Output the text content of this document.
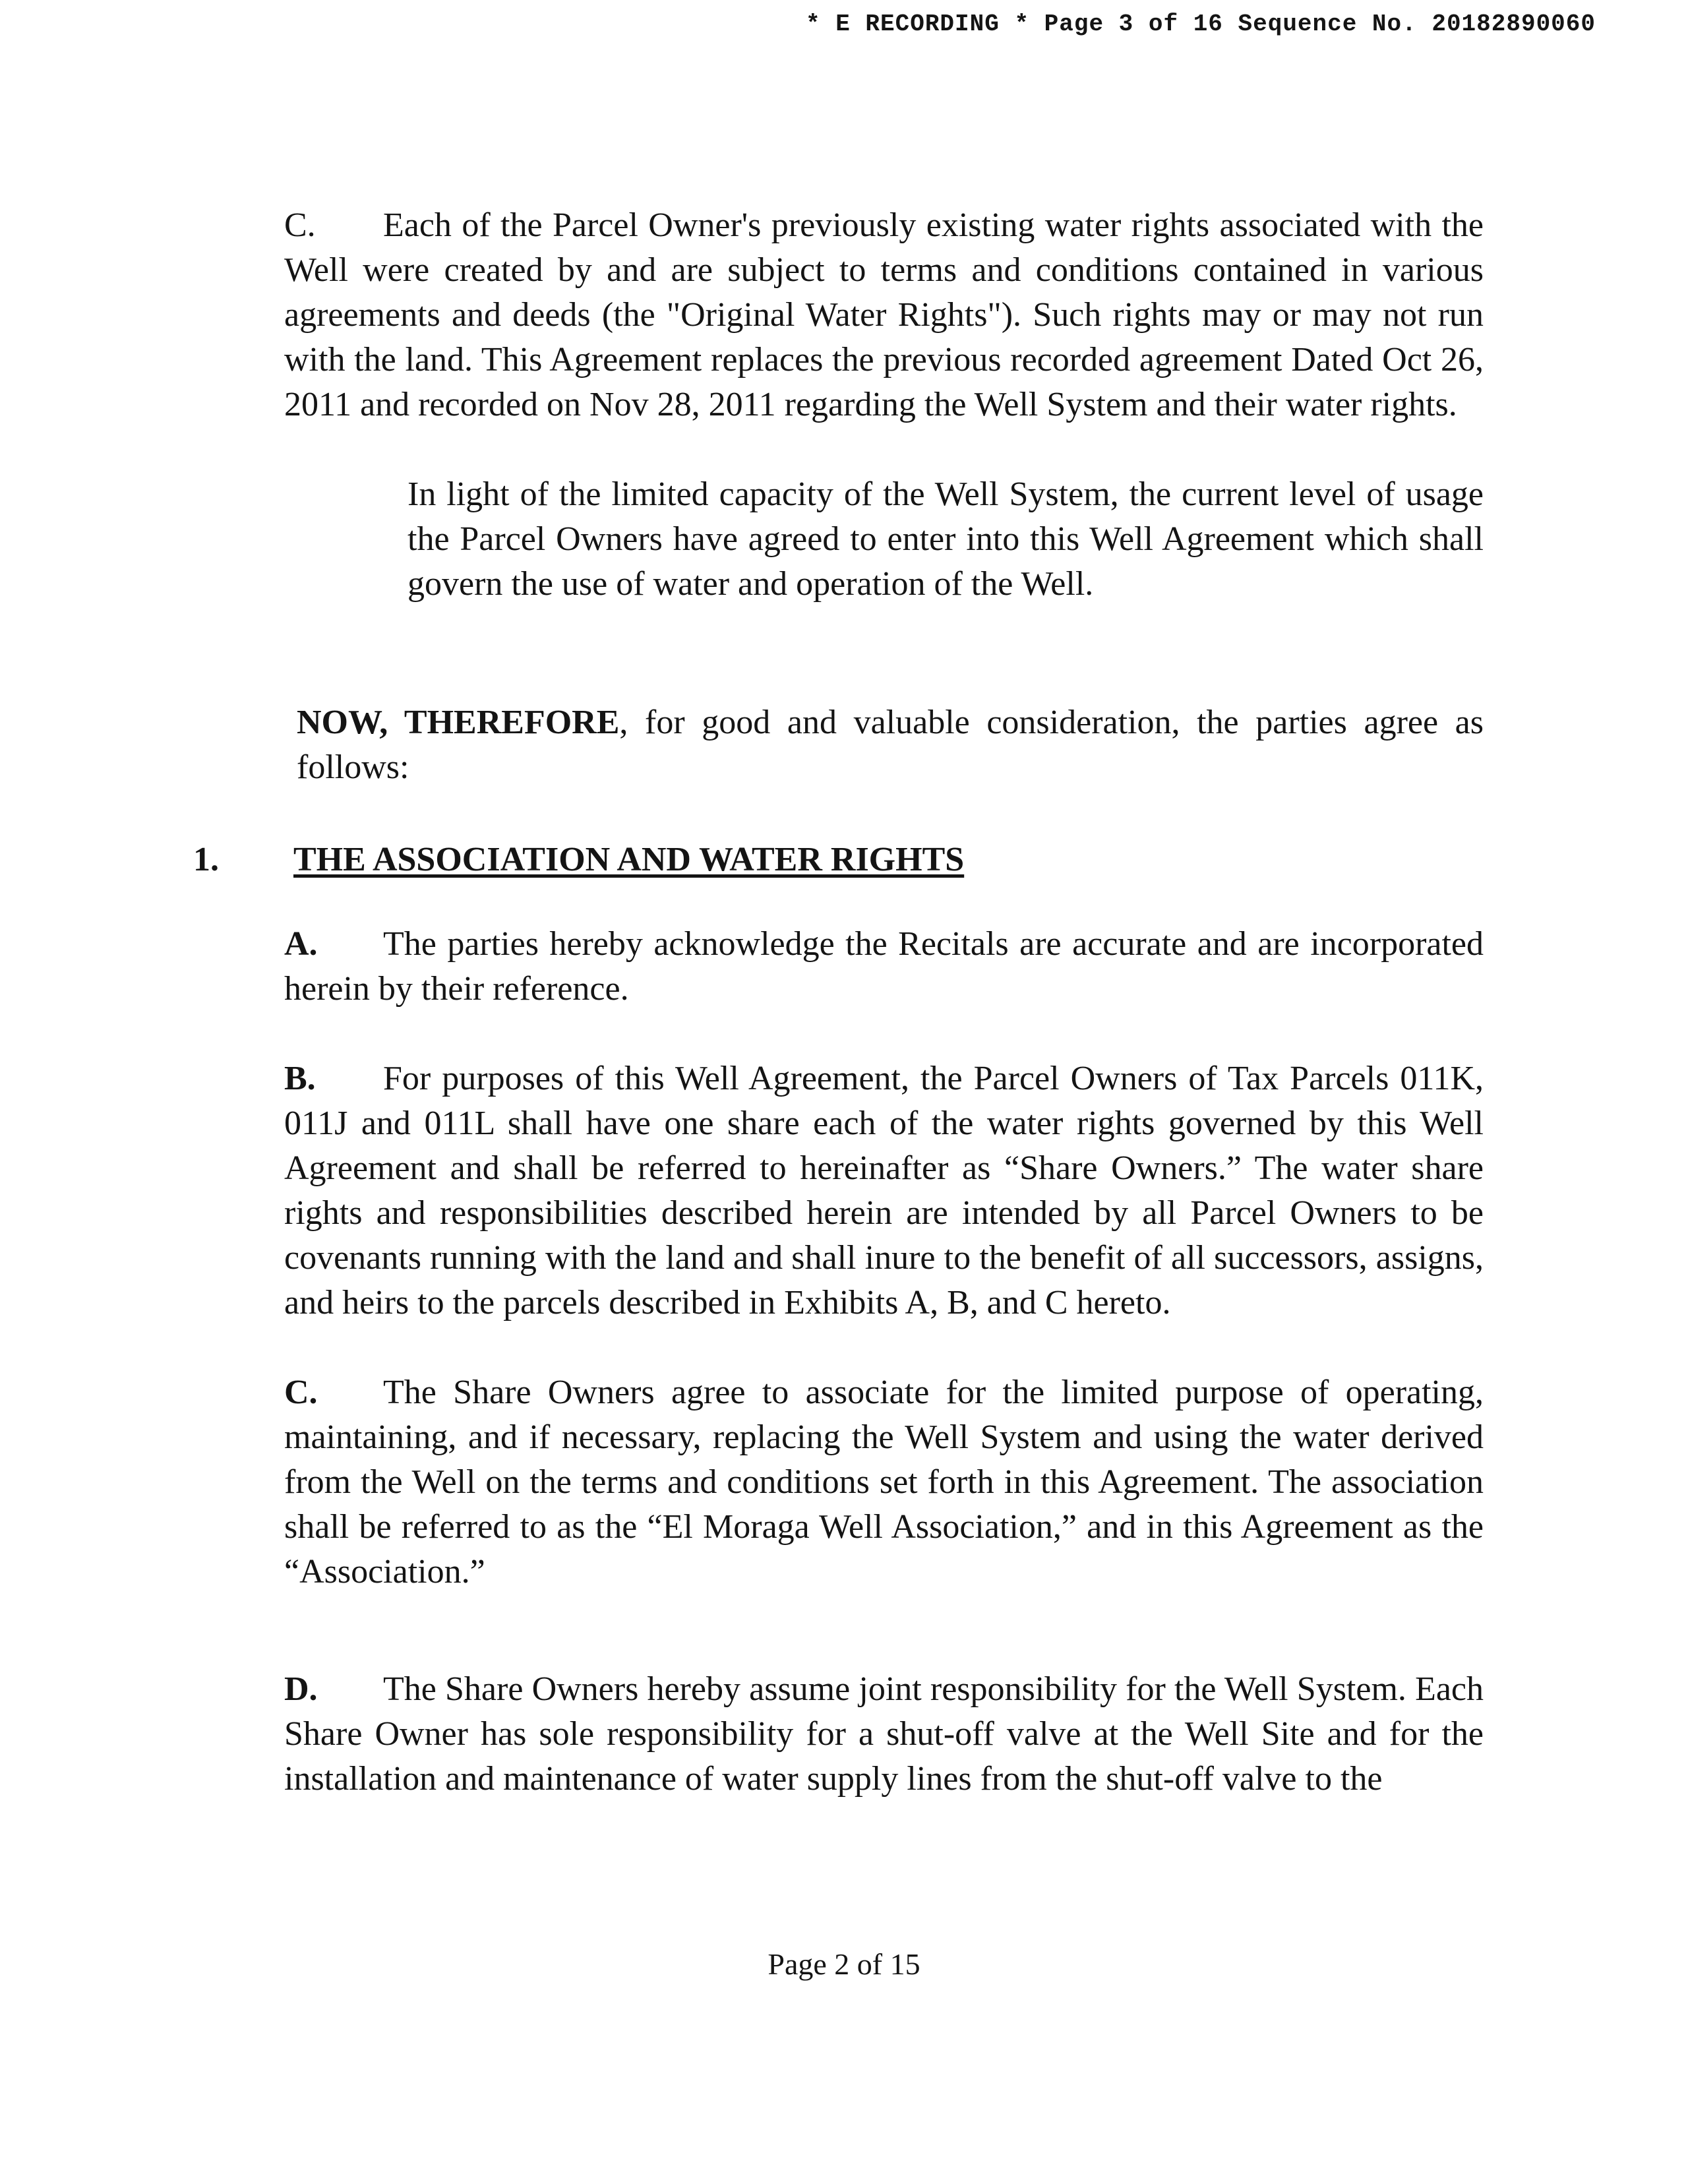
* E RECORDING * Page 3 of 16 Sequence No. 20182890060

C. Each of the Parcel Owner's previously existing water rights associated with the Well were created by and are subject to terms and conditions contained in various agreements and deeds (the "Original Water Rights"). Such rights may or may not run with the land. This Agreement replaces the previous recorded agreement Dated Oct 26, 2011 and recorded on Nov 28, 2011 regarding the Well System and their water rights.

In light of the limited capacity of the Well System, the current level of usage the Parcel Owners have agreed to enter into this Well Agreement which shall govern the use of water and operation of the Well.

NOW, THEREFORE, for good and valuable consideration, the parties agree as follows:

1. THE ASSOCIATION AND WATER RIGHTS

A. The parties hereby acknowledge the Recitals are accurate and are incorporated herein by their reference.

B. For purposes of this Well Agreement, the Parcel Owners of Tax Parcels 011K, 011J and 011L shall have one share each of the water rights governed by this Well Agreement and shall be referred to hereinafter as “Share Owners.” The water share rights and responsibilities described herein are intended by all Parcel Owners to be covenants running with the land and shall inure to the benefit of all successors, assigns, and heirs to the parcels described in Exhibits A, B, and C hereto.

C. The Share Owners agree to associate for the limited purpose of operating, maintaining, and if necessary, replacing the Well System and using the water derived from the Well on the terms and conditions set forth in this Agreement. The association shall be referred to as the “El Moraga Well Association,” and in this Agreement as the “Association.”

D. The Share Owners hereby assume joint responsibility for the Well System. Each Share Owner has sole responsibility for a shut-off valve at the Well Site and for the installation and maintenance of water supply lines from the shut-off valve to the

Page 2 of 15
